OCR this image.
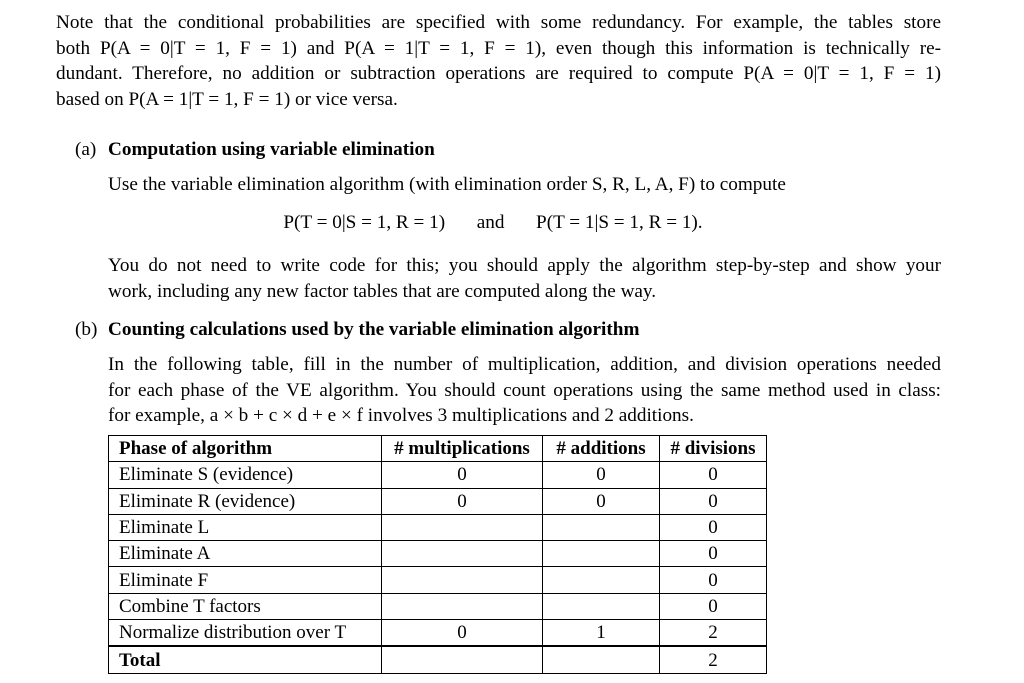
Note that the conditional probabilities are specified with some redundancy. For example, the tables store
both P(A = 0|T = 1, F = 1) and P(A = 1|T = 1, F = 1), even though this information is technically re-
dundant. Therefore, no addition or subtraction operations are required to compute P(A = 0|T = 1, F = 1)
based on P(A = 1|T = 1, F = 1) or vice versa.
(a) Computation using variable elimination
Use the variable elimination algorithm (with elimination order S, R, L, A, F) to compute
P(T = 0|S = 1, R = 1) and P(T = 1|S = 1, R = 1).
You do not need to write code for this; you should apply the algorithm step-by-step and show your
work, including any new factor tables that are computed along the way.
(b) Counting calculations used by the variable elimination algorithm
In the following table, fill in the number of multiplication, addition, and division operations needed
for each phase of the VE algorithm. You should count operations using the same method used in class:
for example, a × b + c × d + e × f involves 3 multiplications and 2 additions.
Phase of algorithm	# multiplications	# additions	# divisions
Eliminate S (evidence)	0	0	0
Eliminate R (evidence)	0	0	0
Eliminate L			0
Eliminate A			0
Eliminate F			0
Combine T factors			0
Normalize distribution over T	0	1	2
Total			2
